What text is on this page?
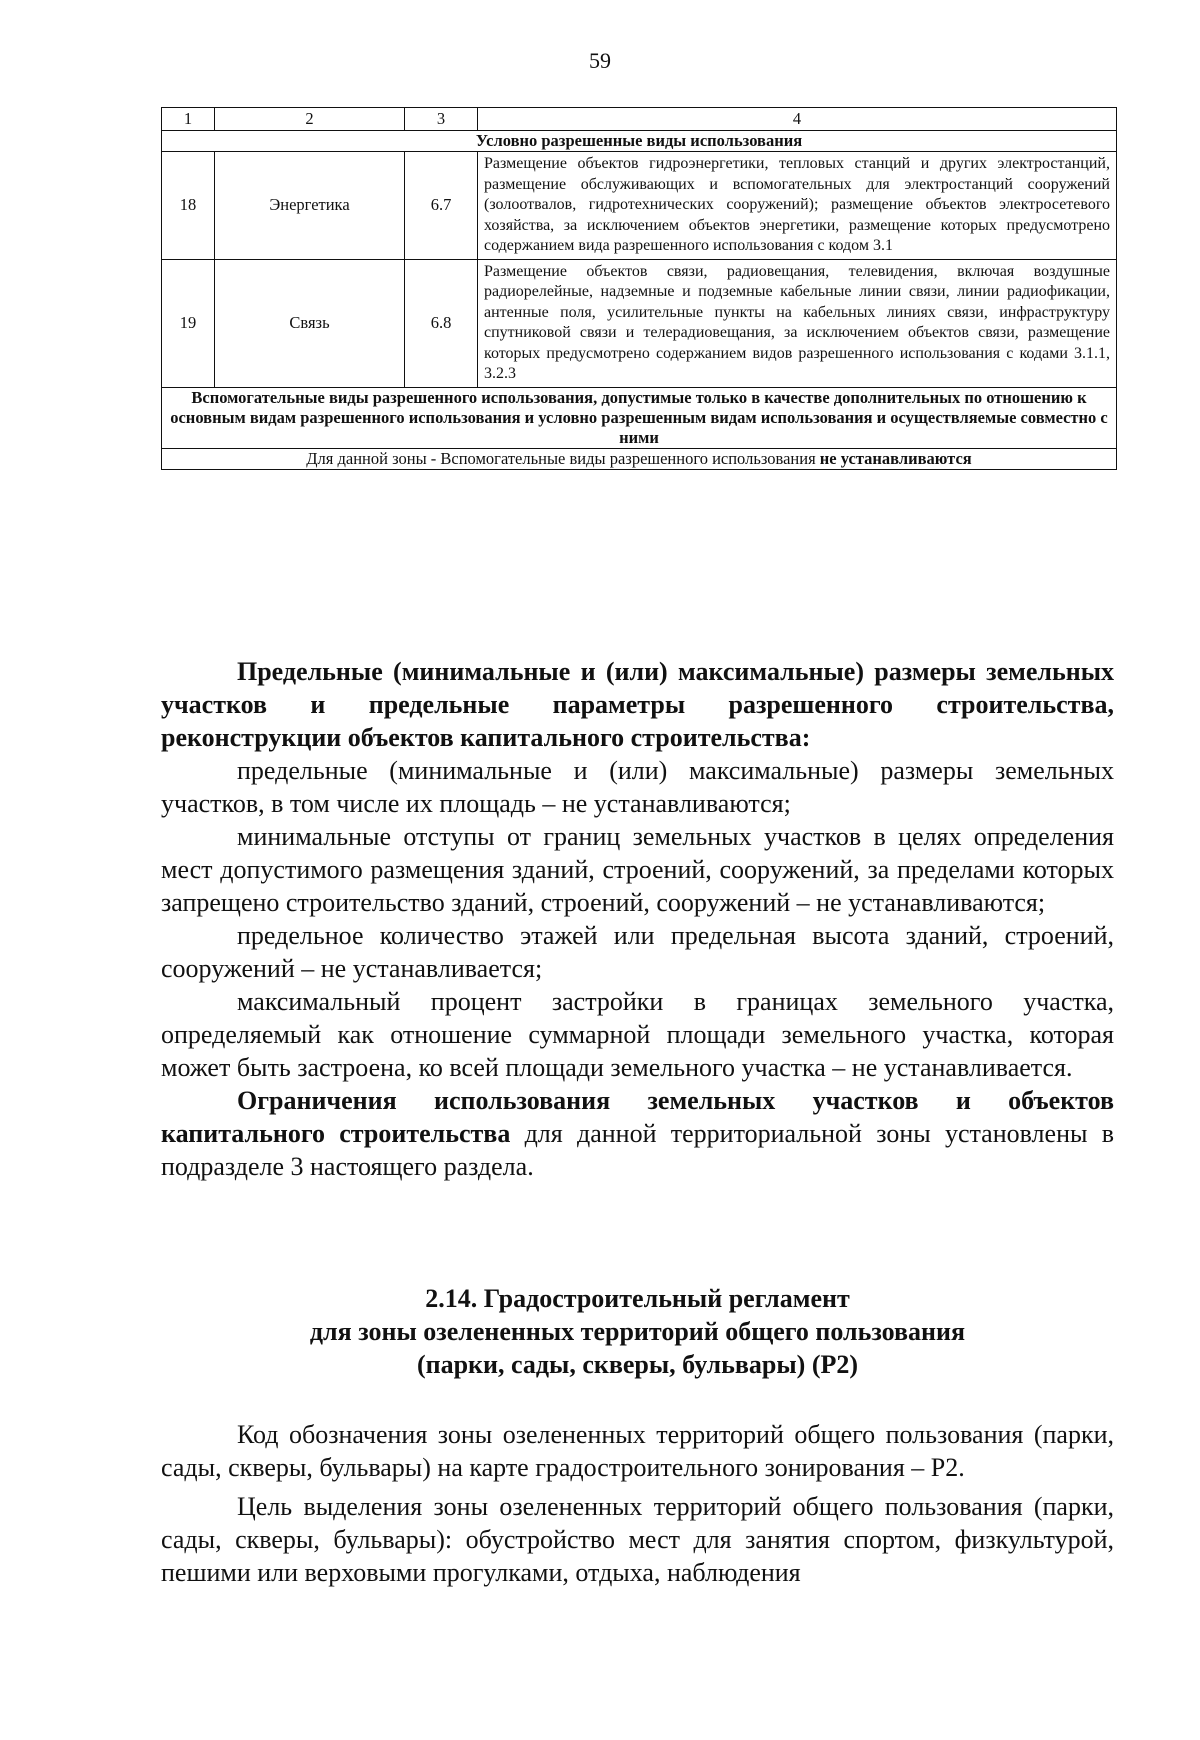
59
1	2	3	4
Условно разрешенные виды использования			
18	Энергетика	6.7	Размещение объектов гидроэнергетики, тепловых станций и других электростанций, размещение обслуживающих и вспомогательных для электростанций сооружений (золоотвалов, гидротехнических сооружений); размещение объектов электросетевого хозяйства, за исключением объектов энергетики, размещение которых предусмотрено содержанием вида разрешенного использования с кодом 3.1
19	Связь	6.8	Размещение объектов связи, радиовещания, телевидения, включая воздушные радиорелейные, надземные и подземные кабельные линии связи, линии радиофикации, антенные поля, усилительные пункты на кабельных линиях связи, инфраструктуру спутниковой связи и телерадиовещания, за исключением объектов связи, размещение которых предусмотрено содержанием видов разрешенного использования с кодами 3.1.1, 3.2.3
Вспомогательные виды разрешенного использования, допустимые только в качестве дополнительных по отношению к основным видам разрешенного использования и условно разрешенным видам использования и осуществляемые совместно с ними			
Для данной зоны - Вспомогательные виды разрешенного использования не устанавливаются			

Предельные (минимальные и (или) максимальные) размеры земельных участков и предельные параметры разрешенного строительства, реконструкции объектов капитального строительства:

предельные (минимальные и (или) максимальные) размеры земельных участков, в том числе их площадь – не устанавливаются;

минимальные отступы от границ земельных участков в целях определения мест допустимого размещения зданий, строений, сооружений, за пределами которых запрещено строительство зданий, строений, сооружений – не устанавливаются;

предельное количество этажей или предельная высота зданий, строений, сооружений – не устанавливается;

максимальный процент застройки в границах земельного участка, определяемый как отношение суммарной площади земельного участка, которая может быть застроена, ко всей площади земельного участка – не устанавливается.

Ограничения использования земельных участков и объектов капитального строительства для данной территориальной зоны установлены в подразделе 3 настоящего раздела.

2.14. Градостроительный регламент
для зоны озелененных территорий общего пользования
(парки, сады, скверы, бульвары) (Р2)

Код обозначения зоны озелененных территорий общего пользования (парки, сады, скверы, бульвары) на карте градостроительного зонирования – Р2.

Цель выделения зоны озелененных территорий общего пользования (парки, сады, скверы, бульвары): обустройство мест для занятия спортом, физкультурой, пешими или верховыми прогулками, отдыха, наблюдения
